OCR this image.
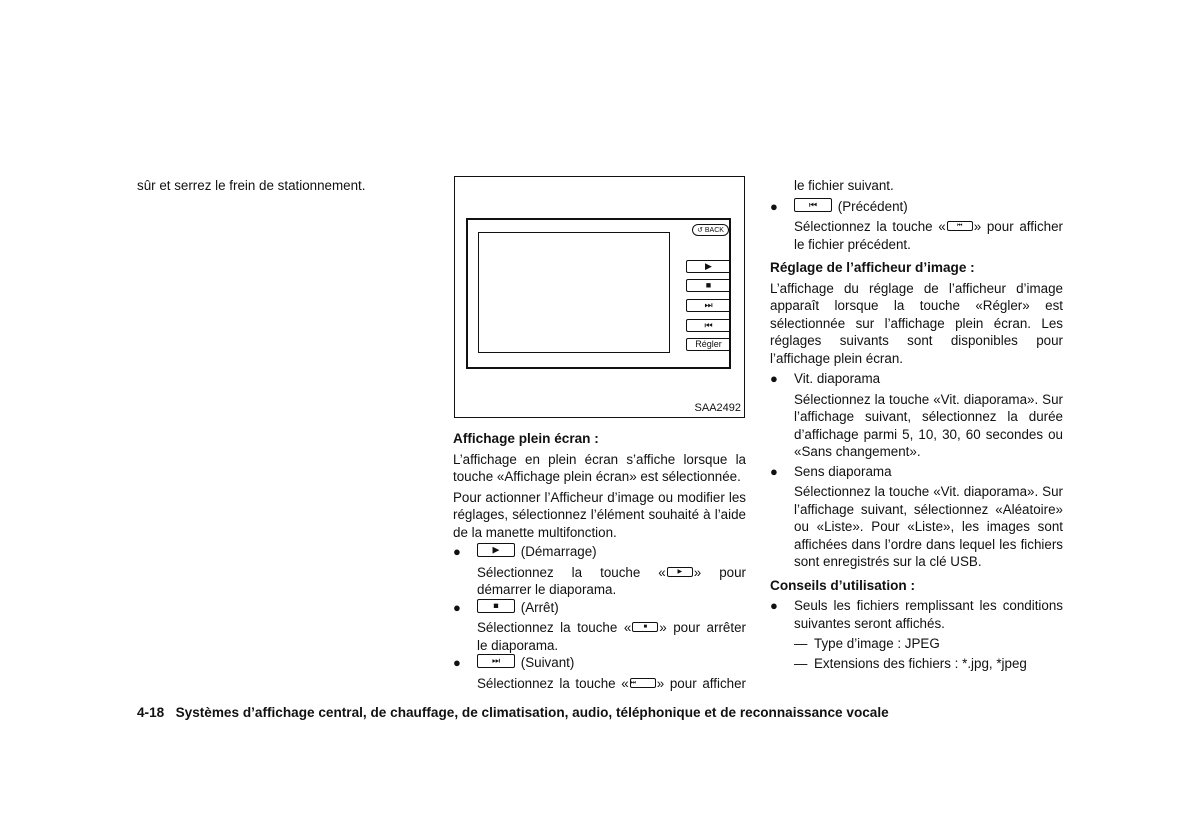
sûr et serrez le frein de stationnement.

↺ BACK
▶
■
⏭
⏮
Régler
SAA2492

Affichage plein écran :

L’affichage en plein écran s’affiche lorsque la touche «Affichage plein écran» est sélectionnée.

Pour actionner l’Afficheur d’image ou modifier les réglages, sélectionnez l’élément souhaité à l’aide de la manette multifonction.

●	▶	(Démarrage)

Sélectionnez la touche «	▶ » pour démarrer le diaporama.

●	■	(Arrêt)

Sélectionnez la touche «	■ » pour arrêter le diaporama.

●	⏭	(Suivant)

Sélectionnez la touche « ⏭	» pour afficher

le fichier suivant.

●	⏮	(Précédent)

Sélectionnez la touche «	⏮ » pour afficher le fichier précédent.

Réglage de l’afficheur d’image :

L’affichage du réglage de l’afficheur d’image apparaît lorsque la touche «Régler» est sélectionnée sur l’affichage plein écran. Les réglages suivants sont disponibles pour l’affichage plein écran.

● Vit. diaporama

Sélectionnez la touche «Vit. diaporama». Sur l’affichage suivant, sélectionnez la durée d’affichage parmi 5, 10, 30, 60 secondes ou «Sans changement».

● Sens diaporama

Sélectionnez la touche «Vit. diaporama». Sur l’affichage suivant, sélectionnez «Aléatoire» ou «Liste». Pour «Liste», les images sont affichées dans l’ordre dans lequel les fichiers sont enregistrés sur la clé USB.

Conseils d’utilisation :

● Seuls les fichiers remplissant les conditions suivantes seront affichés.

— Type d’image : JPEG
— Extensions des fichiers : *.jpg, *jpeg
4-18 Systèmes d’affichage central, de chauffage, de climatisation, audio, téléphonique et de reconnaissance vocale
